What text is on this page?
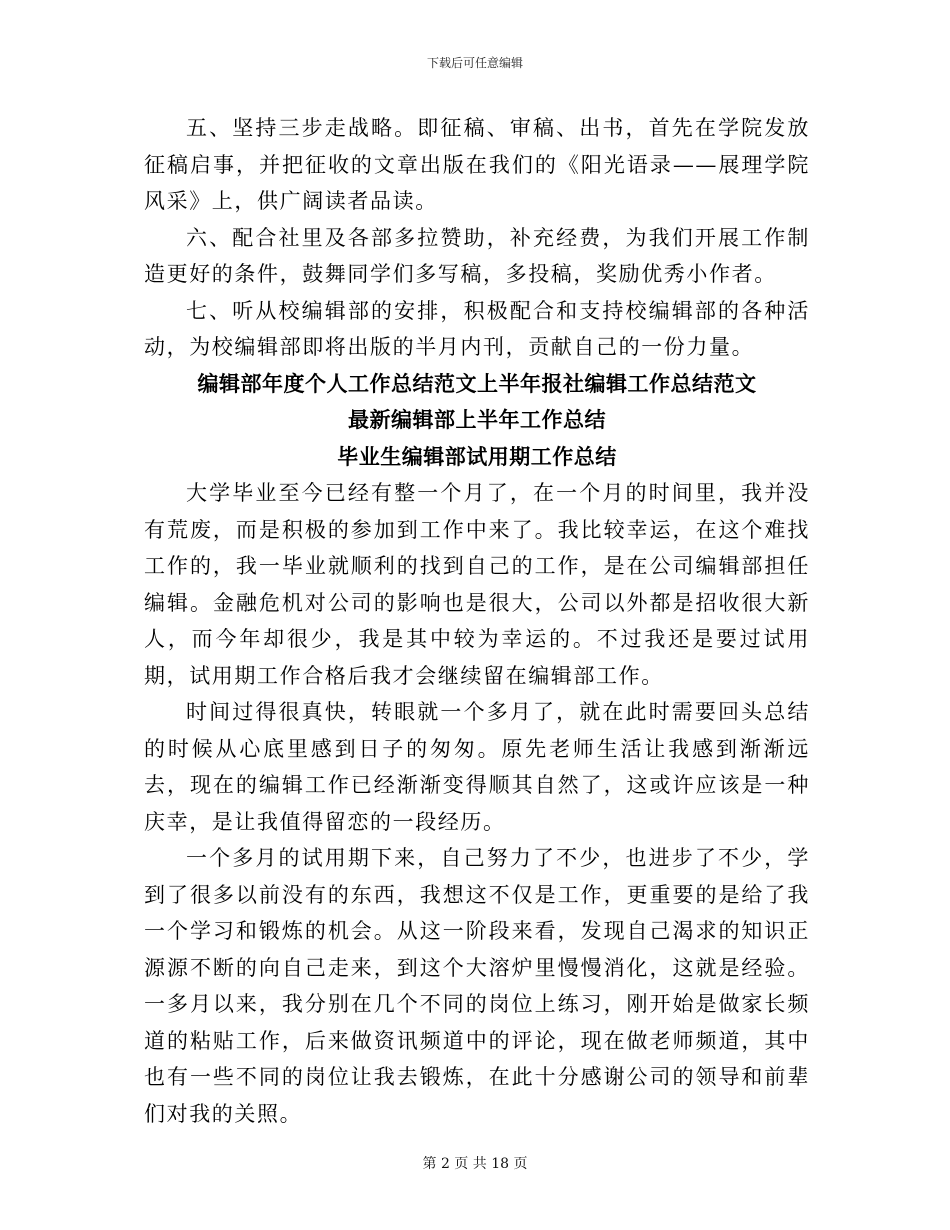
下载后可任意编辑

五、坚持三步走战略。即征稿、审稿、出书，首先在学院发放征稿启事，并把征收的文章出版在我们的《阳光语录——展理学院风采》上，供广阔读者品读。

六、配合社里及各部多拉赞助，补充经费，为我们开展工作制造更好的条件，鼓舞同学们多写稿，多投稿，奖励优秀小作者。

七、听从校编辑部的安排，积极配合和支持校编辑部的各种活动，为校编辑部即将出版的半月内刊，贡献自己的一份力量。

编辑部年度个人工作总结范文上半年报社编辑工作总结范文

最新编辑部上半年工作总结

毕业生编辑部试用期工作总结

大学毕业至今已经有整一个月了，在一个月的时间里，我并没有荒废，而是积极的参加到工作中来了。我比较幸运，在这个难找工作的，我一毕业就顺利的找到自己的工作，是在公司编辑部担任编辑。金融危机对公司的影响也是很大，公司以外都是招收很大新人，而今年却很少，我是其中较为幸运的。不过我还是要过试用期，试用期工作合格后我才会继续留在编辑部工作。

时间过得很真快，转眼就一个多月了，就在此时需要回头总结的时候从心底里感到日子的匆匆。原先老师生活让我感到渐渐远去，现在的编辑工作已经渐渐变得顺其自然了，这或许应该是一种庆幸，是让我值得留恋的一段经历。

一个多月的试用期下来，自己努力了不少，也进步了不少，学到了很多以前没有的东西，我想这不仅是工作，更重要的是给了我一个学习和锻炼的机会。从这一阶段来看，发现自己渴求的知识正源源不断的向自己走来，到这个大溶炉里慢慢消化，这就是经验。一多月以来，我分别在几个不同的岗位上练习，刚开始是做家长频道的粘贴工作，后来做资讯频道中的评论，现在做老师频道，其中也有一些不同的岗位让我去锻炼，在此十分感谢公司的领导和前辈们对我的关照。

第 2 页 共 18 页
